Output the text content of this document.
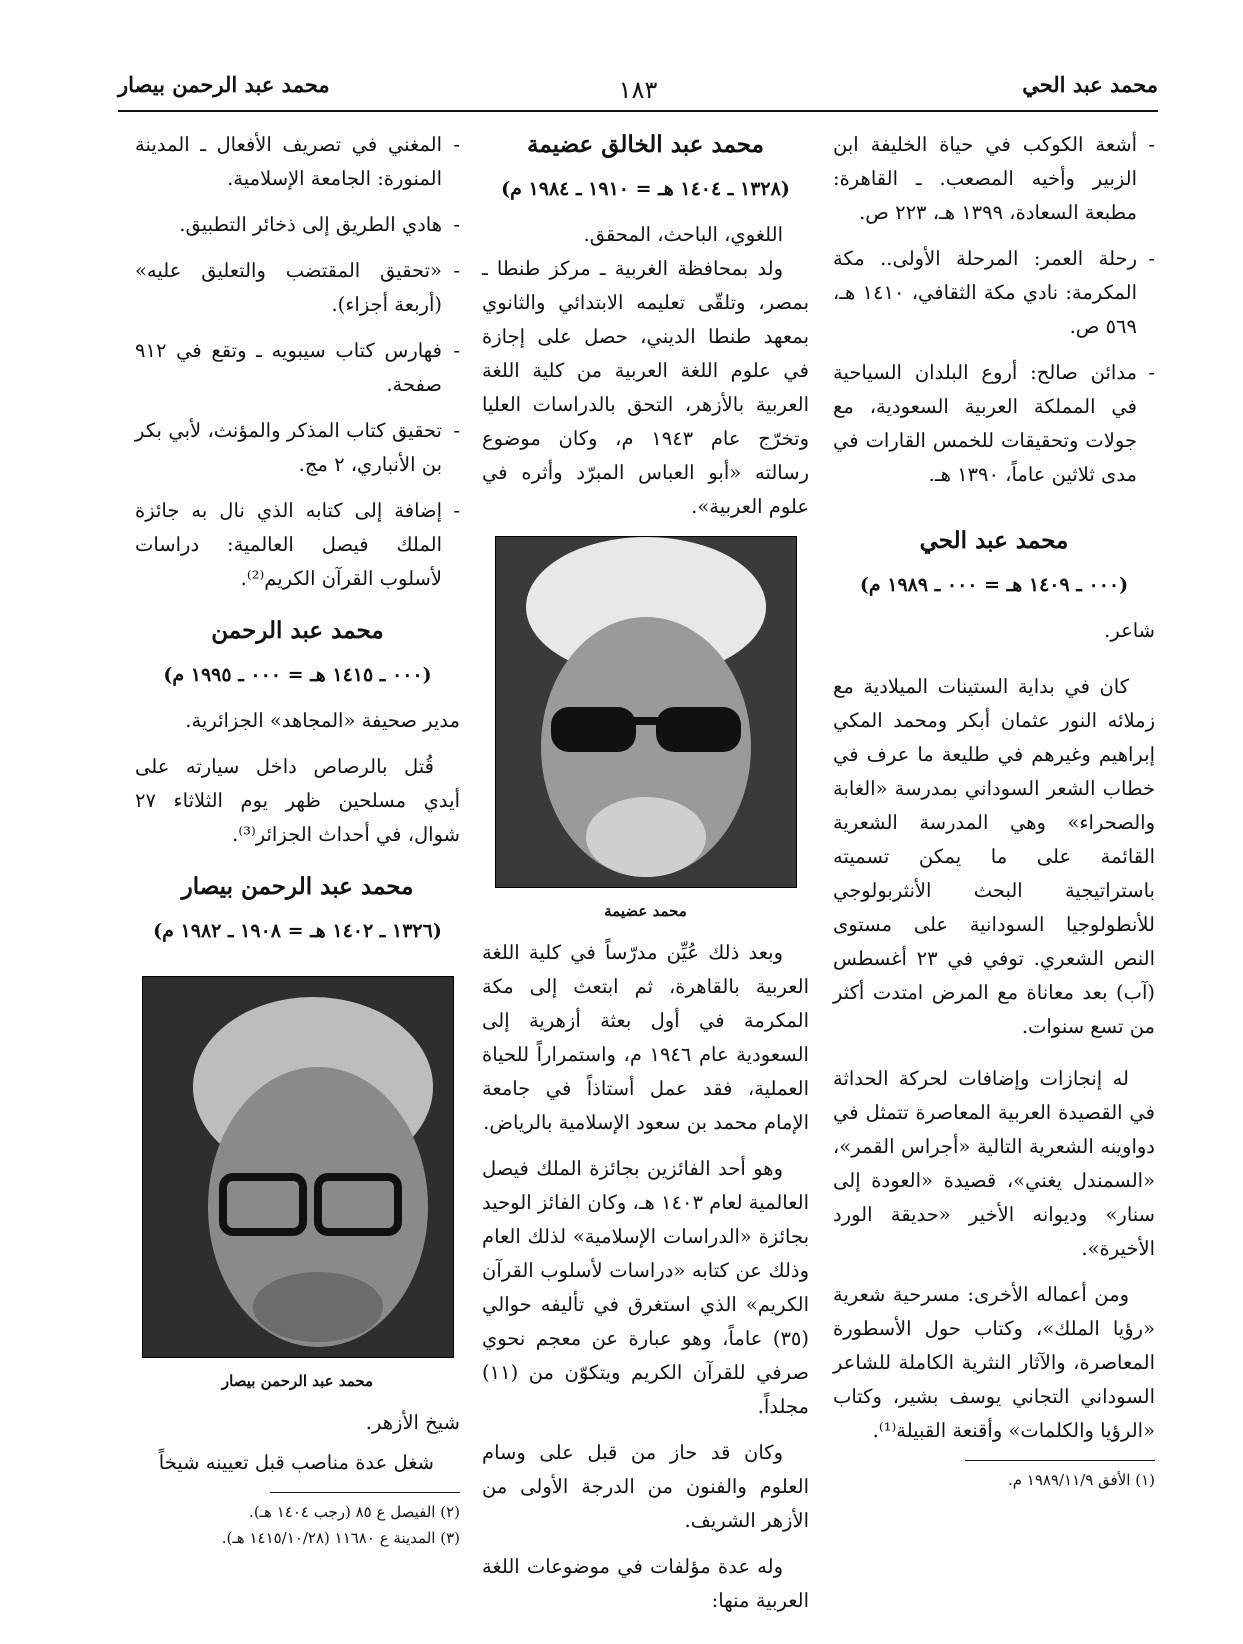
محمد عبد الحي
١٨٣
محمد عبد الرحمن بيصار
- أشعة الكوكب في حياة الخليفة ابن الزبير وأخيه المصعب. ـ القاهرة: مطبعة السعادة، ١٣٩٩ هـ، ٢٢٣ ص.
- رحلة العمر: المرحلة الأولى.. مكة المكرمة: نادي مكة الثقافي، ١٤١٠ هـ، ٥٦٩ ص.
- مدائن صالح: أروع البلدان السياحية في المملكة العربية السعودية، مع جولات وتحقيقات للخمس القارات في مدى ثلاثين عاماً، ١٣٩٠ هـ.
محمد عبد الحي
(٠٠٠ ـ ١٤٠٩ هـ = ٠٠٠ ـ ١٩٨٩ م)
شاعر.
كان في بداية الستينات الميلادية مع زملائه النور عثمان أبكر ومحمد المكي إبراهيم وغيرهم في طليعة ما عرف في خطاب الشعر السوداني بمدرسة «الغابة والصحراء» وهي المدرسة الشعرية القائمة على ما يمكن تسميته باستراتيجية البحث الأنثربولوجي للأنطولوجيا السودانية على مستوى النص الشعري. توفي في ٢٣ أغسطس (آب) بعد معاناة مع المرض امتدت أكثر من تسع سنوات.
له إنجازات وإضافات لحركة الحداثة في القصيدة العربية المعاصرة تتمثل في دواوينه الشعرية التالية «أجراس القمر»، «السمندل يغني»، قصيدة «العودة إلى سنار» وديوانه الأخير «حديقة الورد الأخيرة».
ومن أعماله الأخرى: مسرحية شعرية «رؤيا الملك»، وكتاب حول الأسطورة المعاصرة، والآثار النثرية الكاملة للشاعر السوداني التجاني يوسف بشير، وكتاب «الرؤيا والكلمات» وأقنعة القبيلة⁽¹⁾.
(١) الأفق ١٩٨٩/١١/٩ م.
محمد عبد الخالق عضيمة
(١٣٢٨ ـ ١٤٠٤ هـ = ١٩١٠ ـ ١٩٨٤ م)
اللغوي، الباحث، المحقق.
ولد بمحافظة الغربية ـ مركز طنطا ـ بمصر، وتلقّى تعليمه الابتدائي والثانوي بمعهد طنطا الديني، حصل على إجازة في علوم اللغة العربية من كلية اللغة العربية بالأزهر، التحق بالدراسات العليا وتخرّج عام ١٩٤٣ م، وكان موضوع رسالته «أبو العباس المبرّد وأثره في علوم العربية».
محمد عضيمة
وبعد ذلك عُيِّن مدرّساً في كلية اللغة العربية بالقاهرة، ثم ابتعث إلى مكة المكرمة في أول بعثة أزهرية إلى السعودية عام ١٩٤٦ م، واستمراراً للحياة العملية، فقد عمل أستاذاً في جامعة الإمام محمد بن سعود الإسلامية بالرياض.
وهو أحد الفائزين بجائزة الملك فيصل العالمية لعام ١٤٠٣ هـ، وكان الفائز الوحيد بجائزة «الدراسات الإسلامية» لذلك العام وذلك عن كتابه «دراسات لأسلوب القرآن الكريم» الذي استغرق في تأليفه حوالي (٣٥) عاماً، وهو عبارة عن معجم نحوي صرفي للقرآن الكريم ويتكوّن من (١١) مجلداً.
وكان قد حاز من قبل على وسام العلوم والفنون من الدرجة الأولى من الأزهر الشريف.
وله عدة مؤلفات في موضوعات اللغة العربية منها:
- المغني في تصريف الأفعال ـ المدينة المنورة: الجامعة الإسلامية.
- هادي الطريق إلى ذخائر التطبيق.
- «تحقيق المقتضب والتعليق عليه» (أربعة أجزاء).
- فهارس كتاب سيبويه ـ وتقع في ٩١٢ صفحة.
- تحقيق كتاب المذكر والمؤنث، لأبي بكر بن الأنباري، ٢ مج.
- إضافة إلى كتابه الذي نال به جائزة الملك فيصل العالمية: دراسات لأسلوب القرآن الكريم⁽²⁾.
محمد عبد الرحمن
(٠٠٠ ـ ١٤١٥ هـ = ٠٠٠ ـ ١٩٩٥ م)
مدير صحيفة «المجاهد» الجزائرية.
قُتل بالرصاص داخل سيارته على أيدي مسلحين ظهر يوم الثلاثاء ٢٧ شوال، في أحداث الجزائر⁽³⁾.
محمد عبد الرحمن بيصار
(١٣٢٦ ـ ١٤٠٢ هـ = ١٩٠٨ ـ ١٩٨٢ م)
محمد عبد الرحمن بيصار
شيخ الأزهر.
شغل عدة مناصب قبل تعيينه شيخاً
(٢) الفيصل ع ٨٥ (رجب ١٤٠٤ هـ).
(٣) المدينة ع ١١٦٨٠ (١٤١٥/١٠/٢٨ هـ).
